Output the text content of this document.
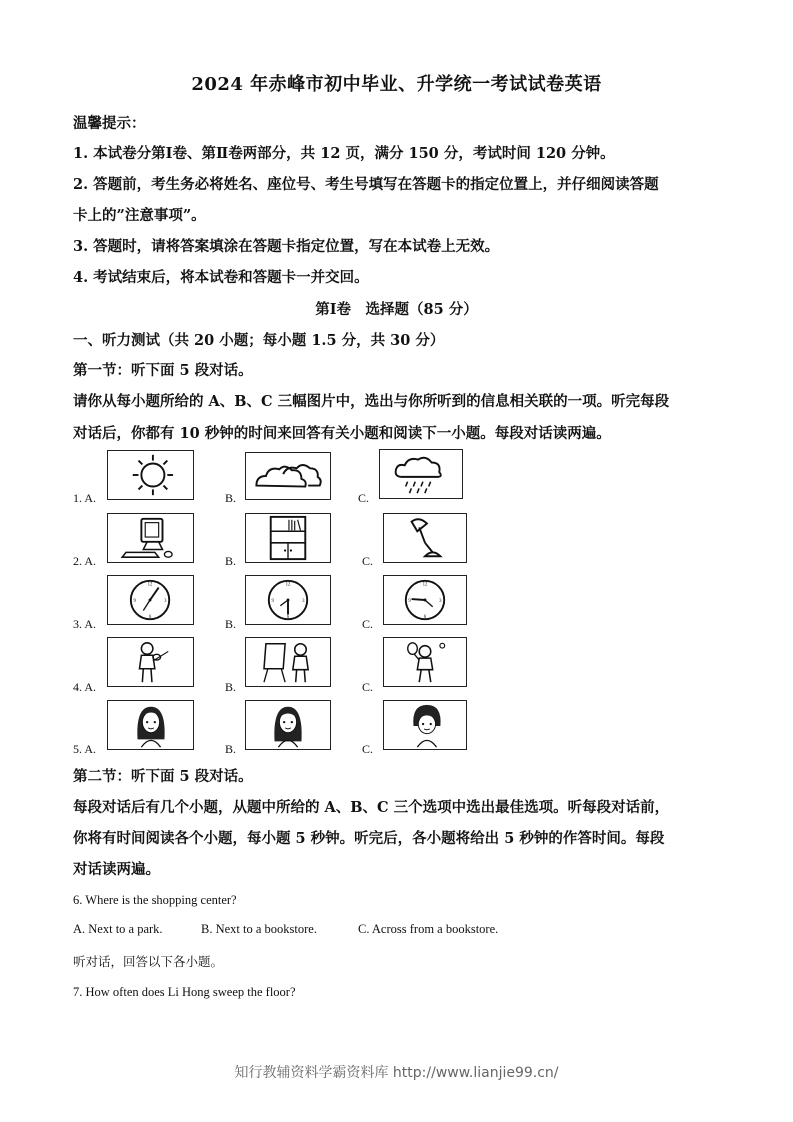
2024 年赤峰市初中毕业、升学统一考试试卷英语
温馨提示：
1. 本试卷分第Ⅰ卷、第Ⅱ卷两部分，共 12 页，满分 150 分，考试时间 120 分钟。
2. 答题前，考生务必将姓名、座位号、考生号填写在答题卡的指定位置上，并仔细阅读答题
卡上的”注意事项”。
3. 答题时，请将答案填涂在答题卡指定位置，写在本试卷上无效。
4. 考试结束后，将本试卷和答题卡一并交回。
第Ⅰ卷　选择题（85 分）
一、听力测试（共 20 小题；每小题 1.5 分，共 30 分）
第一节：听下面 5 段对话。
请你从每小题所给的 A、B、C 三幅图片中，选出与你所听到的信息相关联的一项。听完每段
对话后，你都有 10 秒钟的时间来回答有关小题和阅读下一小题。每段对话读两遍。
1. A.	B.	C.
2. A.	B.	C.
3. A.	B.	C.
12
6
9	3
12
6
9	3
12
6
9	3
4. A.	B.	C.
5. A.	B.	C.
第二节：听下面 5 段对话。
每段对话后有几个小题，从题中所给的 A、B、C 三个选项中选出最佳选项。听每段对话前，
你将有时间阅读各个小题，每小题 5 秒钟。听完后，各小题将给出 5 秒钟的作答时间。每段
对话读两遍。
6. Where is the shopping center?
A. Next to a park.	B. Next to a bookstore.	C. Across from a bookstore.
听对话，回答以下各小题。
7. How often does Li Hong sweep the floor?
知行教辅资料学霸资料库 http://www.lianjie99.cn/
